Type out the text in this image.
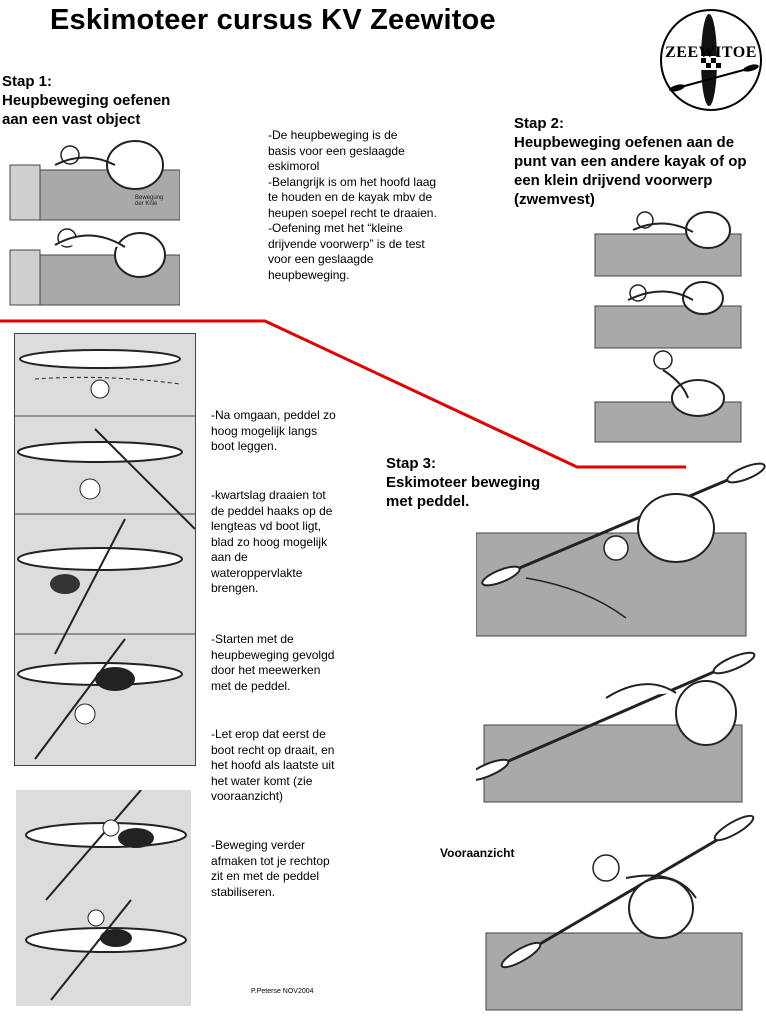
Eskimoteer cursus KV Zeewitoe
ZEEWITOE
Stap 1:
Heupbeweging oefenen
aan een vast object
Bewegung
der Knie
-De heupbeweging is de
basis voor een geslaagde
eskimorol
-Belangrijk is om het hoofd laag
te houden en de kayak mbv de
heupen soepel recht te draaien.
-Oefening met het “kleine
drijvende voorwerp” is de test
voor een geslaagde
heupbeweging.
Stap 2:
Heupbeweging oefenen aan de
punt van een andere kayak of op
een klein drijvend voorwerp
(zwemvest)
Stap 3:
Eskimoteer beweging
met peddel.
-Na omgaan, peddel zo
hoog mogelijk langs
boot leggen.
-kwartslag draaien tot
de peddel haaks op de
lengteas vd boot ligt,
blad zo hoog mogelijk
aan de
wateroppervlakte
brengen.
-Starten met de
heupbeweging gevolgd
door het meewerken
met de peddel.
-Let erop dat eerst de
boot recht op draait, en
het hoofd als laatste uit
het water komt (zie
vooraanzicht)
-Beweging verder
afmaken tot je rechtop
zit en met de peddel
stabiliseren.
Vooraanzicht
P.Peterse NOV2004
